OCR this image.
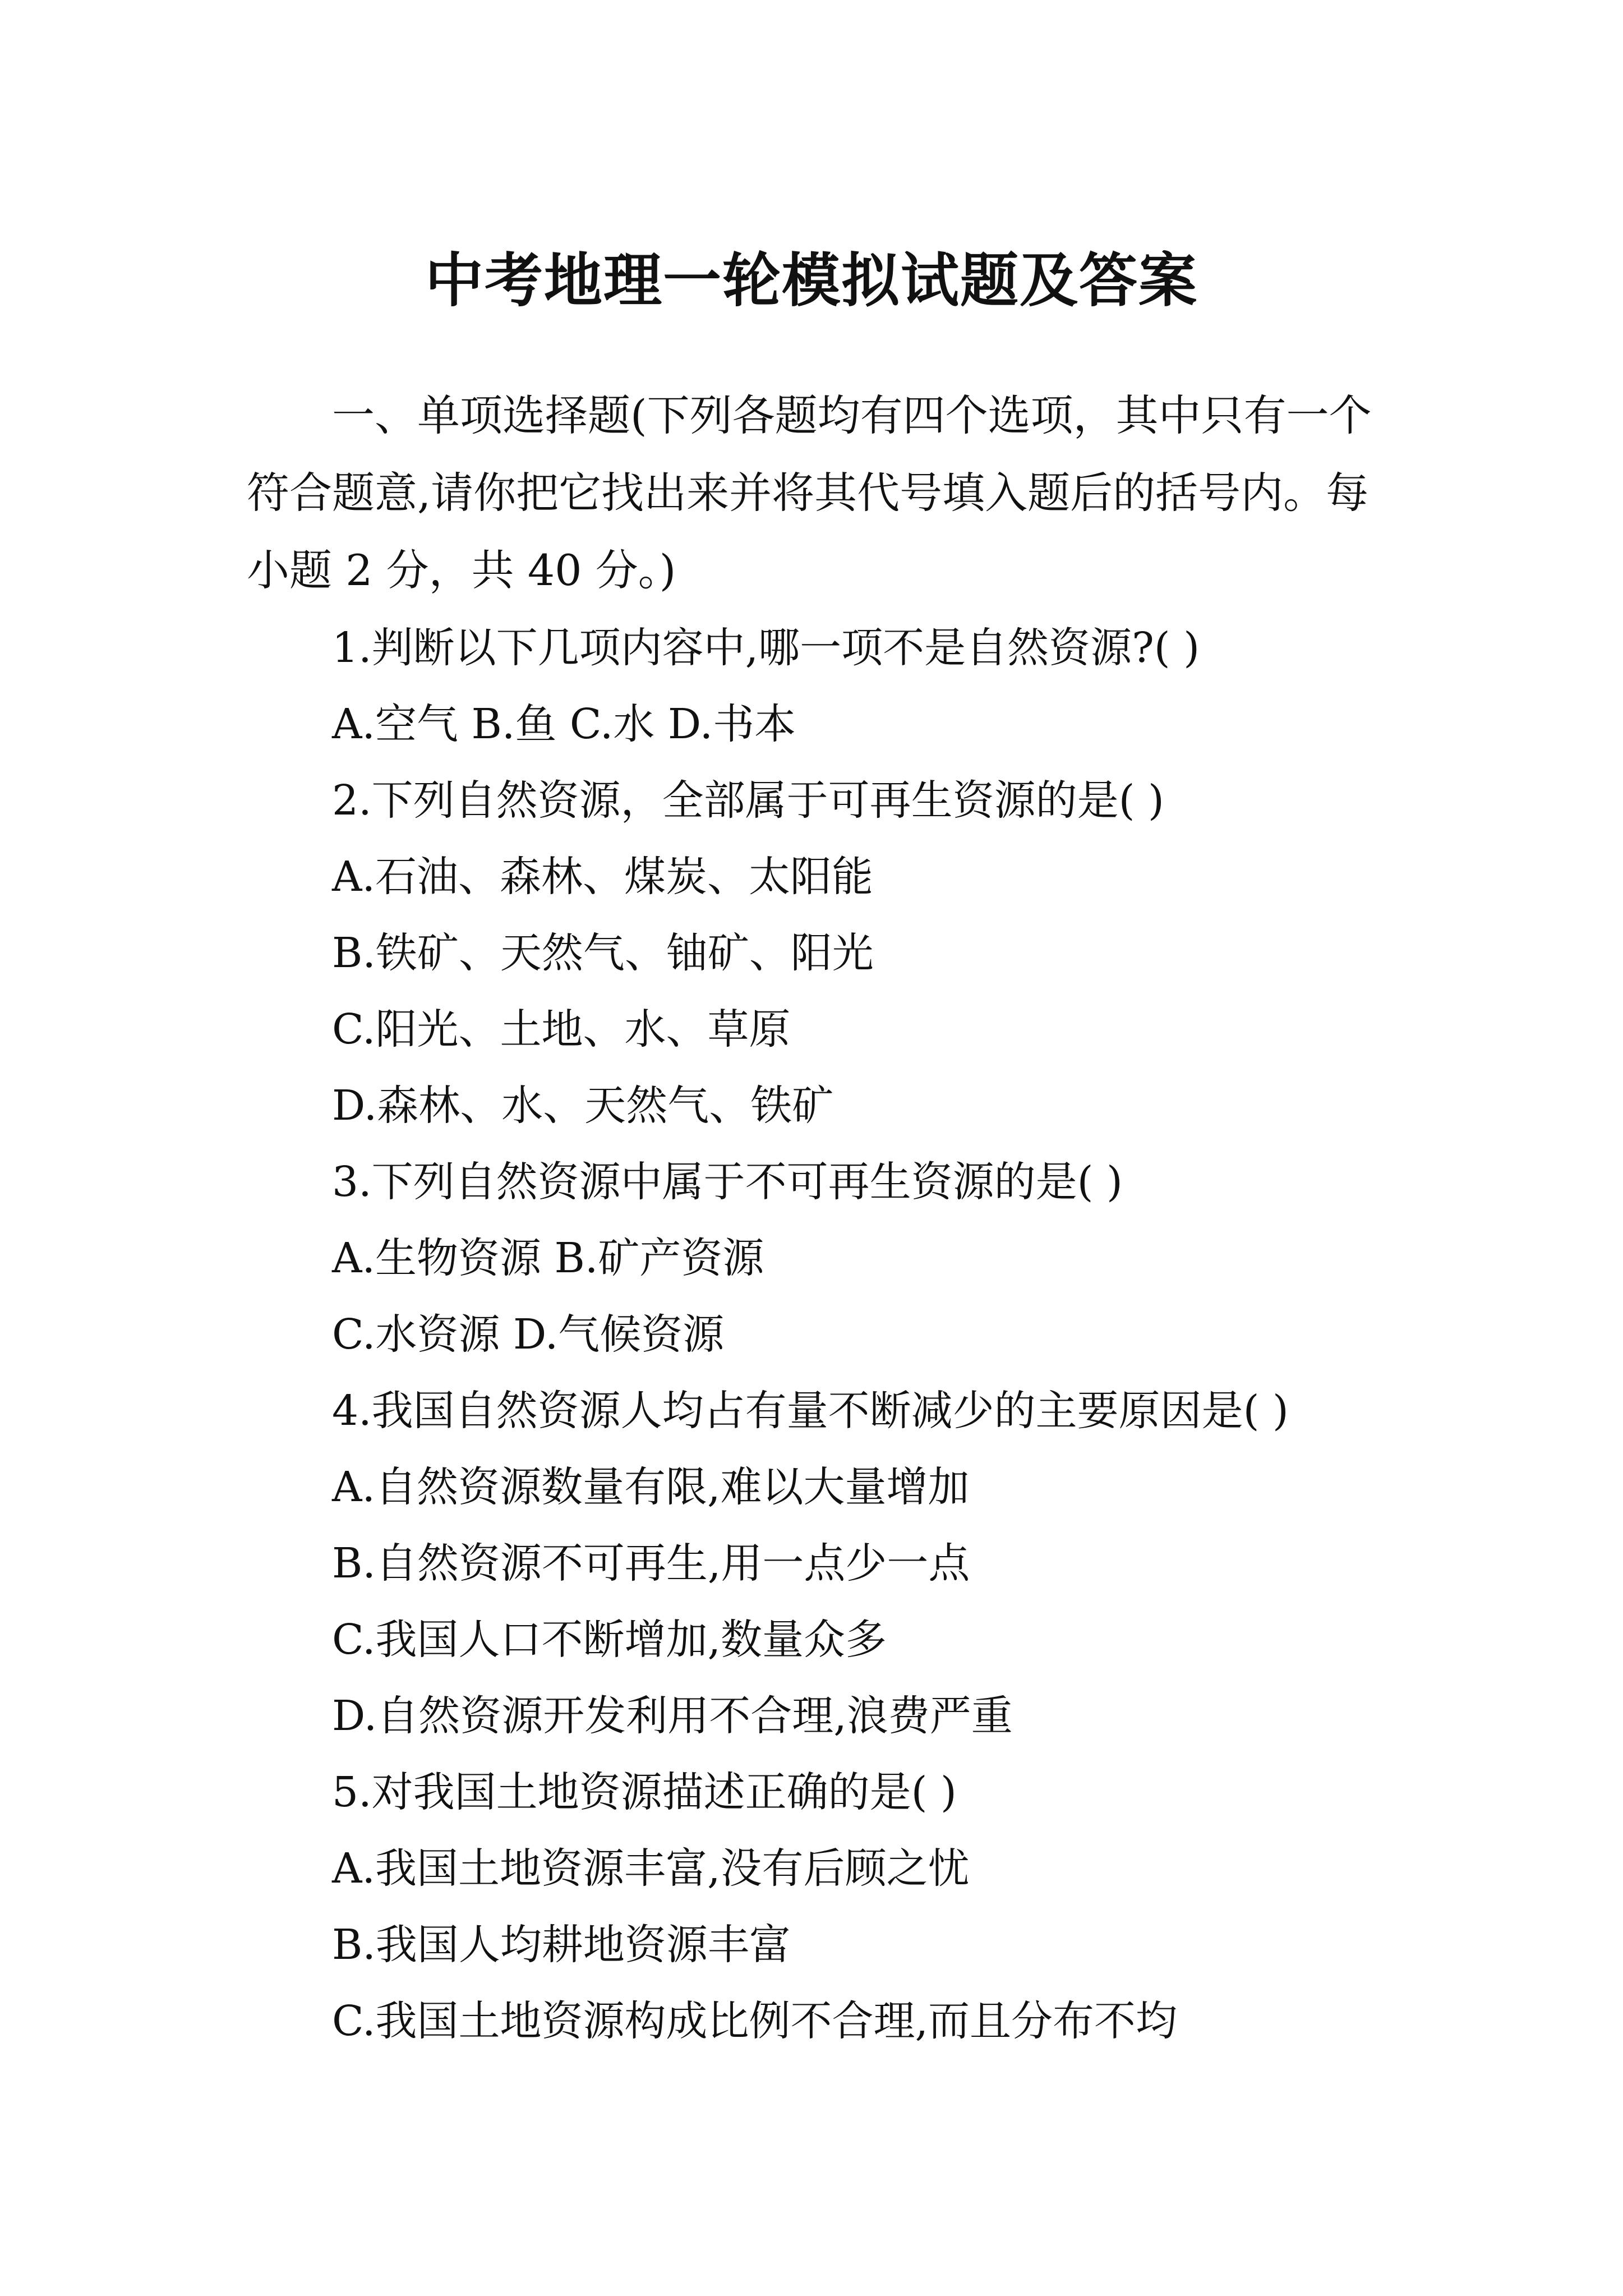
中考地理一轮模拟试题及答案

一、单项选择题(下列各题均有四个选项，其中只有一个符合题意,请你把它找出来并将其代号填入题后的括号内。每小题 2 分，共 40 分。)

1.判断以下几项内容中,哪一项不是自然资源?( )
A.空气 B.鱼 C.水 D.书本
2.下列自然资源，全部属于可再生资源的是( )
A.石油、森林、煤炭、太阳能
B.铁矿、天然气、铀矿、阳光
C.阳光、土地、水、草原
D.森林、水、天然气、铁矿
3.下列自然资源中属于不可再生资源的是( )
A.生物资源 B.矿产资源
C.水资源 D.气候资源
4.我国自然资源人均占有量不断减少的主要原因是( )
A.自然资源数量有限,难以大量增加
B.自然资源不可再生,用一点少一点
C.我国人口不断增加,数量众多
D.自然资源开发利用不合理,浪费严重
5.对我国土地资源描述正确的是( )
A.我国土地资源丰富,没有后顾之忧
B.我国人均耕地资源丰富
C.我国土地资源构成比例不合理,而且分布不均
